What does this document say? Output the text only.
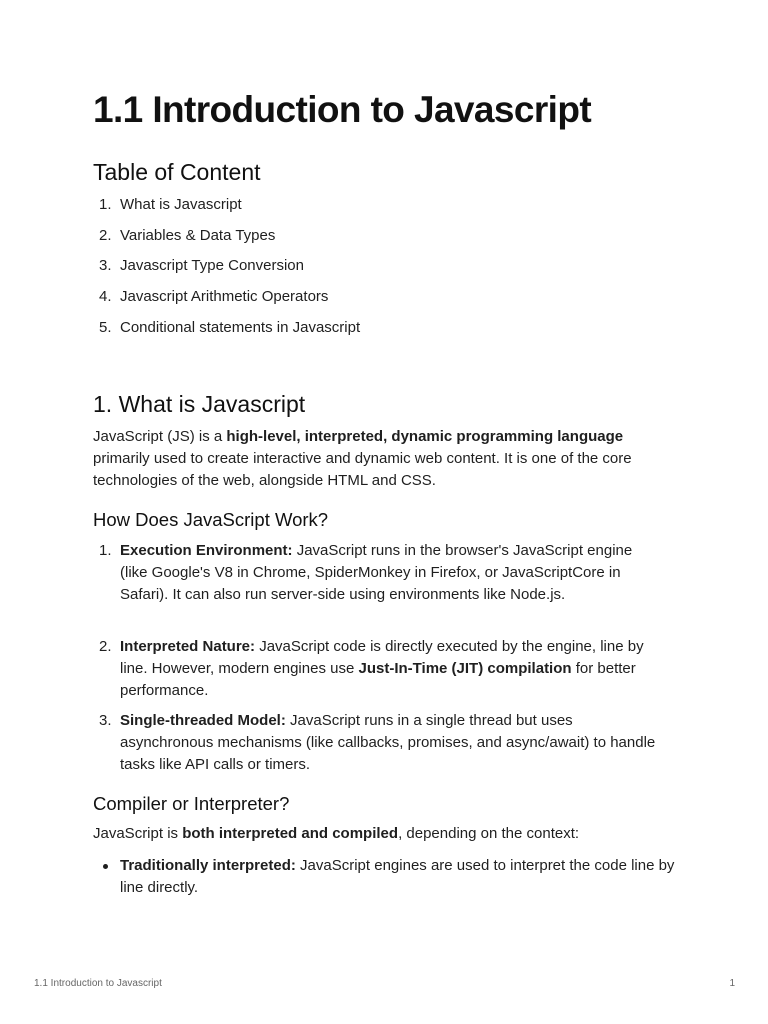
1.1 Introduction to Javascript
Table of Content
1. What is Javascript
2. Variables & Data Types
3. Javascript Type Conversion
4. Javascript Arithmetic Operators
5. Conditional statements in Javascript
1. What is Javascript

JavaScript (JS) is a high-level, interpreted, dynamic programming language primarily used to create interactive and dynamic web content. It is one of the core technologies of the web, alongside HTML and CSS.

How Does JavaScript Work?
1. Execution Environment: JavaScript runs in the browser's JavaScript engine (like Google's V8 in Chrome, SpiderMonkey in Firefox, or JavaScriptCore in Safari). It can also run server-side using environments like Node.js.
2. Interpreted Nature: JavaScript code is directly executed by the engine, line by line. However, modern engines use Just-In-Time (JIT) compilation for better performance.
3. Single-threaded Model: JavaScript runs in a single thread but uses asynchronous mechanisms (like callbacks, promises, and async/await) to handle tasks like API calls or timers.
Compiler or Interpreter?

JavaScript is both interpreted and compiled, depending on the context:

Traditionally interpreted: JavaScript engines are used to interpret the code line by line directly.
1.1 Introduction to Javascript	1
